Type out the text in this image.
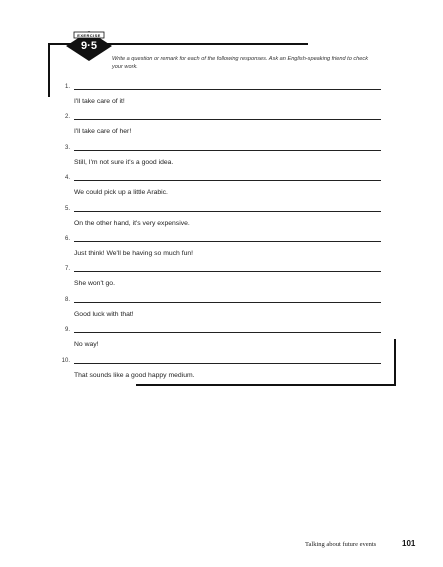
EXERCISE
9·5
Write a question or remark for each of the following responses. Ask an English-speaking friend to check your work.
1.
I'll take care of it!
2.
I'll take care of her!
3.
Still, I'm not sure it's a good idea.
4.
We could pick up a little Arabic.
5.
On the other hand, it's very expensive.
6.
Just think! We'll be having so much fun!
7.
She won't go.
8.
Good luck with that!
9.
No way!
10.
That sounds like a good happy medium.
Talking about future events	101
